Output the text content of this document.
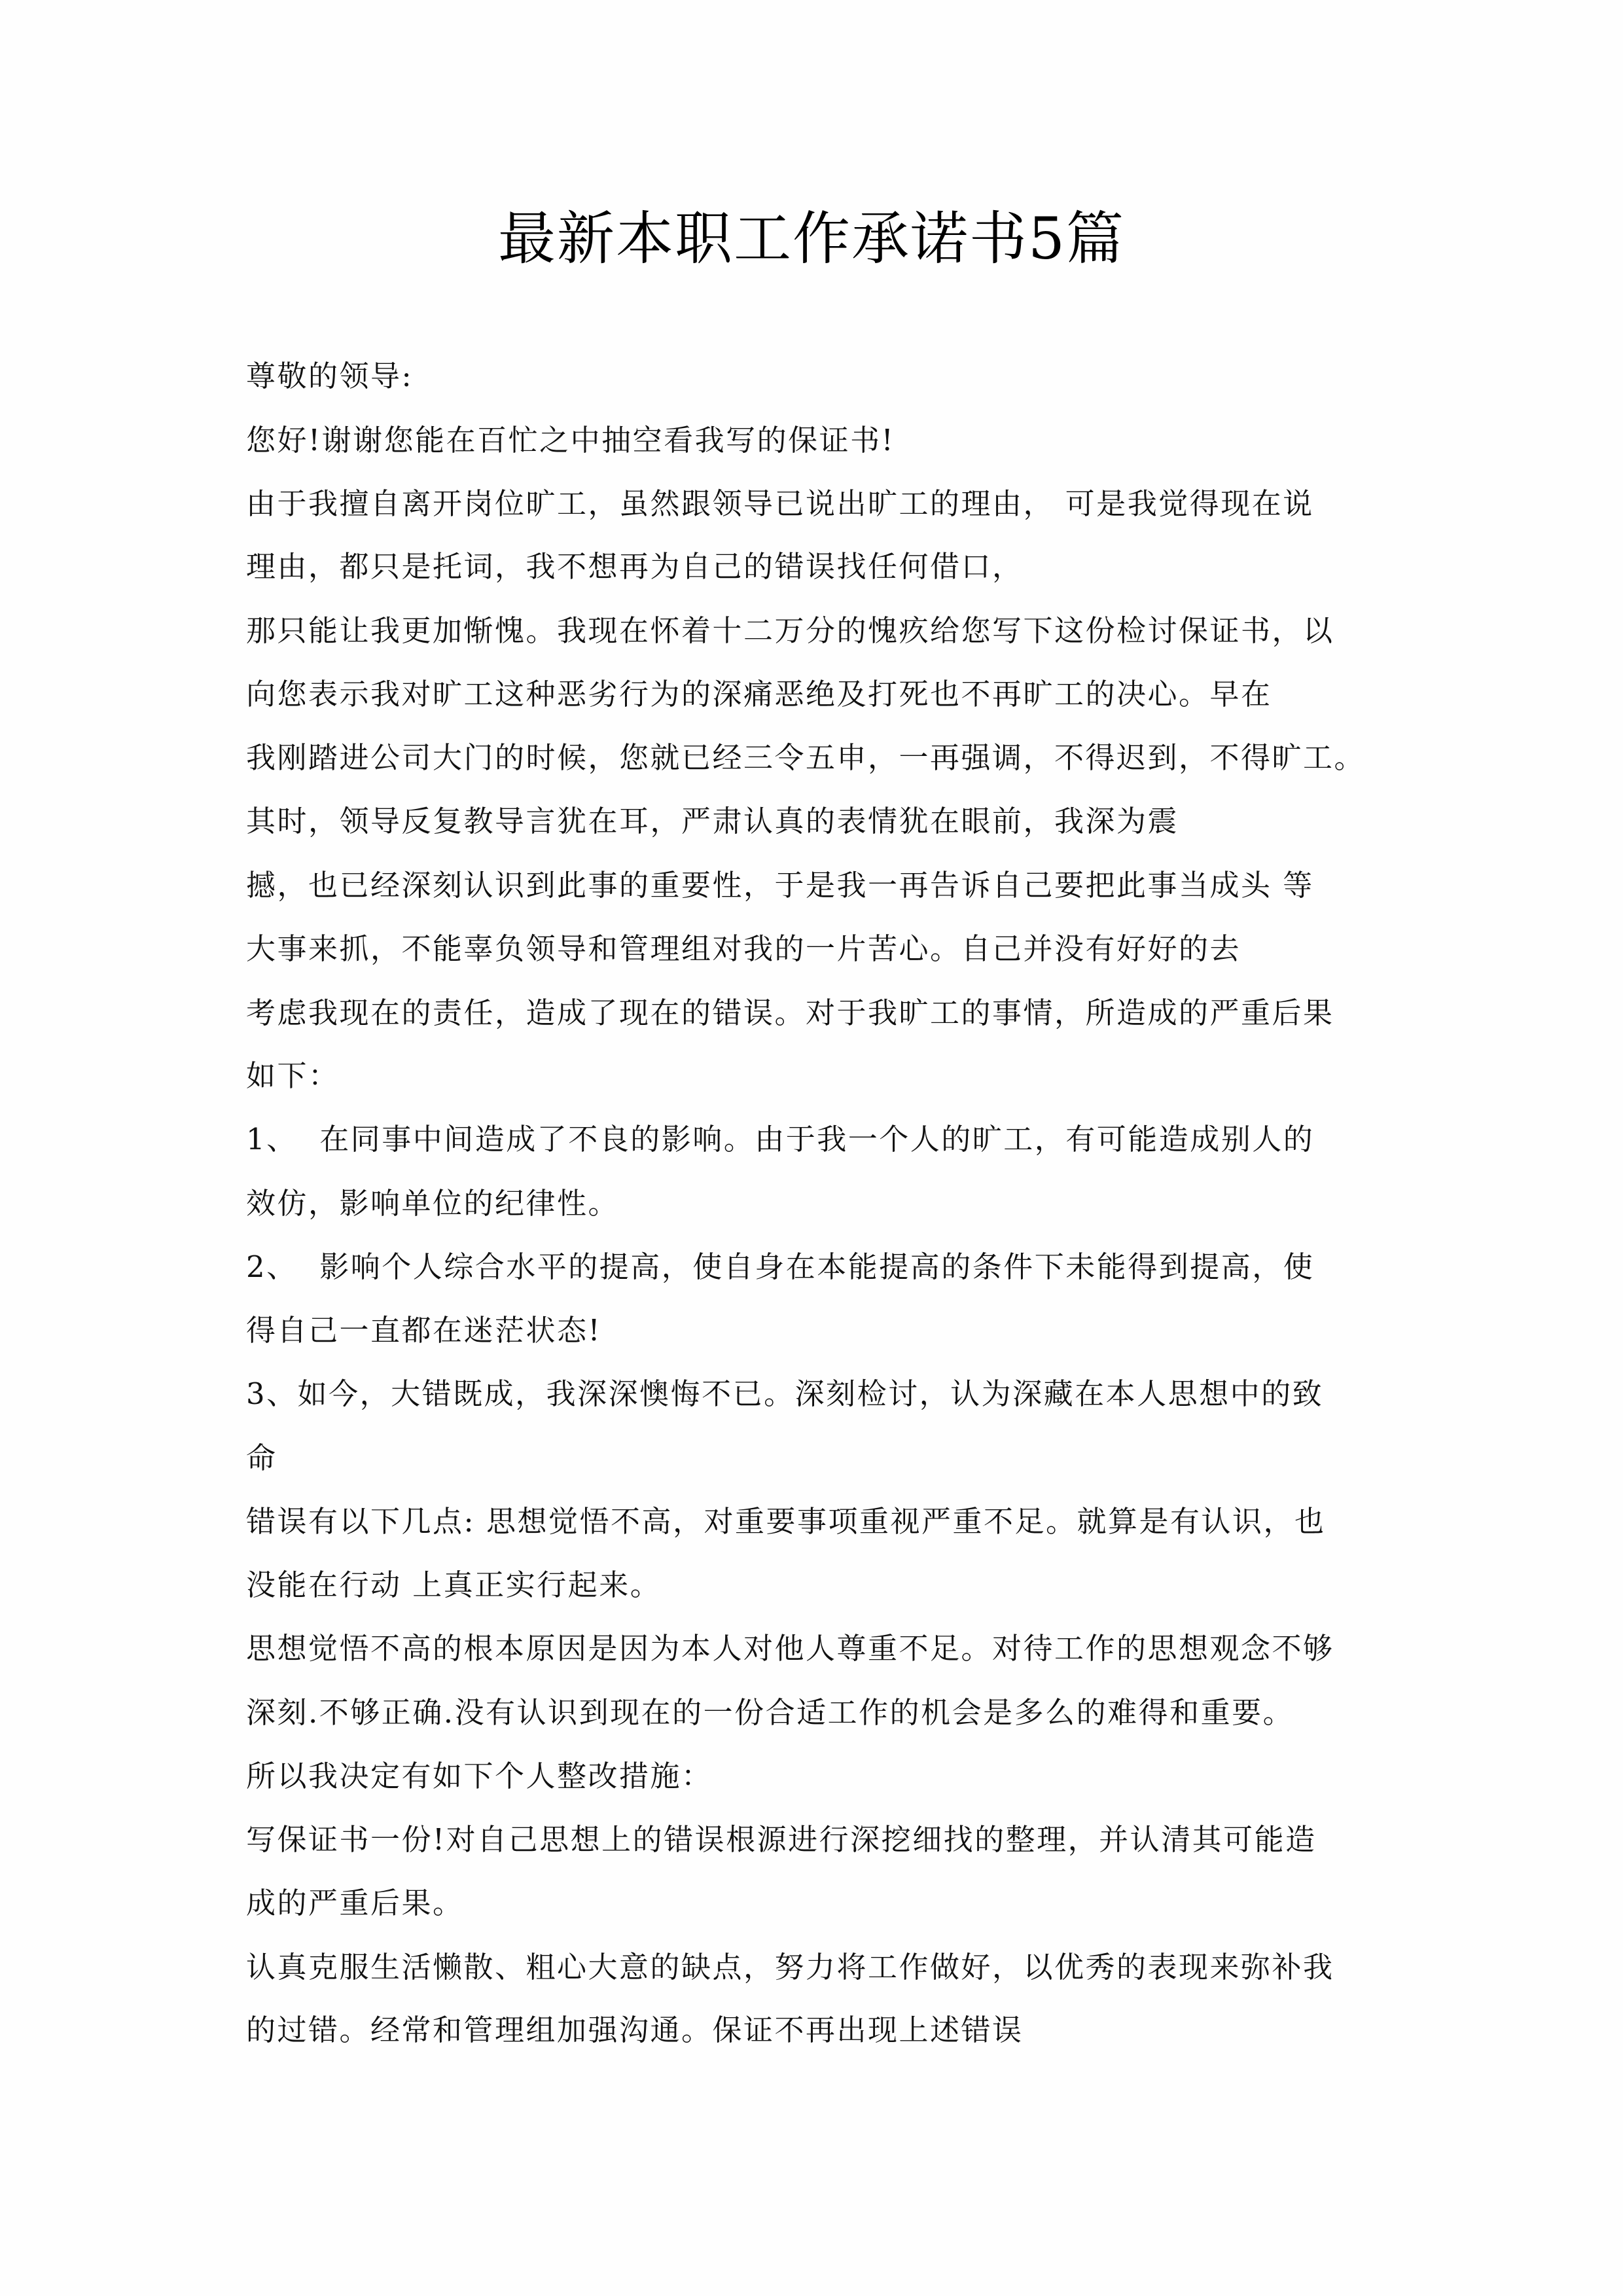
最新本职工作承诺书5篇
尊敬的领导:
您好!谢谢您能在百忙之中抽空看我写的保证书!
由于我擅自离开岗位旷工，虽然跟领导已说出旷工的理由， 可是我觉得现在说
理由，都只是托词，我不想再为自己的错误找任何借口，
那只能让我更加惭愧。我现在怀着十二万分的愧疚给您写下这份检讨保证书，以
向您表示我对旷工这种恶劣行为的深痛恶绝及打死也不再旷工的决心。早在
我刚踏进公司大门的时候，您就已经三令五申，一再强调，不得迟到，不得旷工。
其时，领导反复教导言犹在耳，严肃认真的表情犹在眼前，我深为震
撼，也已经深刻认识到此事的重要性，于是我一再告诉自己要把此事当成头 等
大事来抓，不能辜负领导和管理组对我的一片苦心。自己并没有好好的去
考虑我现在的责任，造成了现在的错误。对于我旷工的事情，所造成的严重后果
如下：
1、  在同事中间造成了不良的影响。由于我一个人的旷工，有可能造成别人的
效仿，影响单位的纪律性。
2、  影响个人综合水平的提高，使自身在本能提高的条件下未能得到提高，使
得自己一直都在迷茫状态!
3、如今，大错既成，我深深懊悔不已。深刻检讨，认为深藏在本人思想中的致
命
错误有以下几点: 思想觉悟不高，对重要事项重视严重不足。就算是有认识，也
没能在行动 上真正实行起来。
思想觉悟不高的根本原因是因为本人对他人尊重不足。对待工作的思想观念不够
深刻.不够正确.没有认识到现在的一份合适工作的机会是多么的难得和重要。
所以我决定有如下个人整改措施：
写保证书一份!对自己思想上的错误根源进行深挖细找的整理，并认清其可能造
成的严重后果。
认真克服生活懒散、粗心大意的缺点，努力将工作做好，以优秀的表现来弥补我
的过错。经常和管理组加强沟通。保证不再出现上述错误
